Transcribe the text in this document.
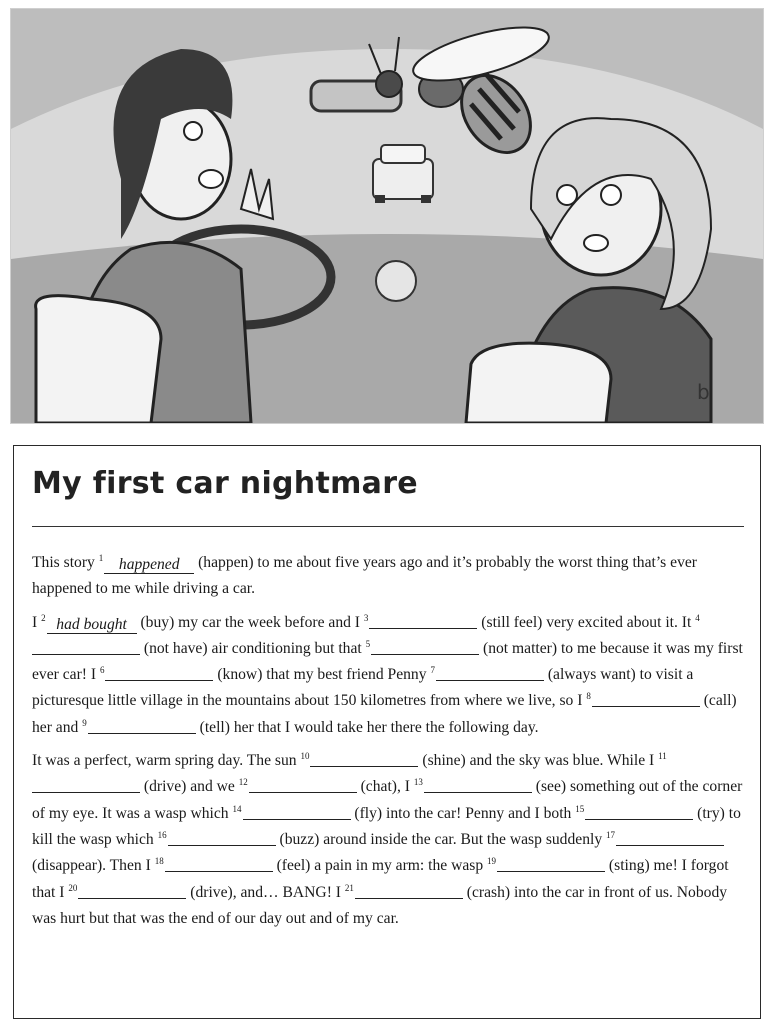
b
My first car nightmare

This story $^1$ happened (happen) to me about five years ago and it’s probably the worst thing that’s ever happened to me while driving a car.

I $^2$ had bought (buy) my car the week before and I $^3$	(still feel) very excited about it. It $^4$ (not have) air conditioning but that $^5$	(not matter) to me because it was my first ever car! I $^6$	(know) that my best friend Penny $^7$	(always want) to visit a picturesque little village in the mountains about 150 kilometres from where we live, so I $^8$	(call) her and $^9$	(tell) her that I would take her there the following day.

It was a perfect, warm spring day. The sun $^{10}$	(shine) and the sky was blue. While I $^{11}$ (drive) and we $^{12}$	(chat), I $^{13}$	(see) something out of the corner of my eye. It was a wasp which $^{14}$	(fly) into the car! Penny and I both $^{15}$	(try) to kill the wasp which $^{16}$	(buzz) around inside the car. But the wasp suddenly $^{17}$ (disappear). Then I $^{18}$	(feel) a pain in my arm: the wasp $^{19}$	(sting) me! I forgot that I $^{20}$	(drive), and… BANG! I $^{21}$	(crash) into the car in front of us. Nobody was hurt but that was the end of our day out and of my car.
